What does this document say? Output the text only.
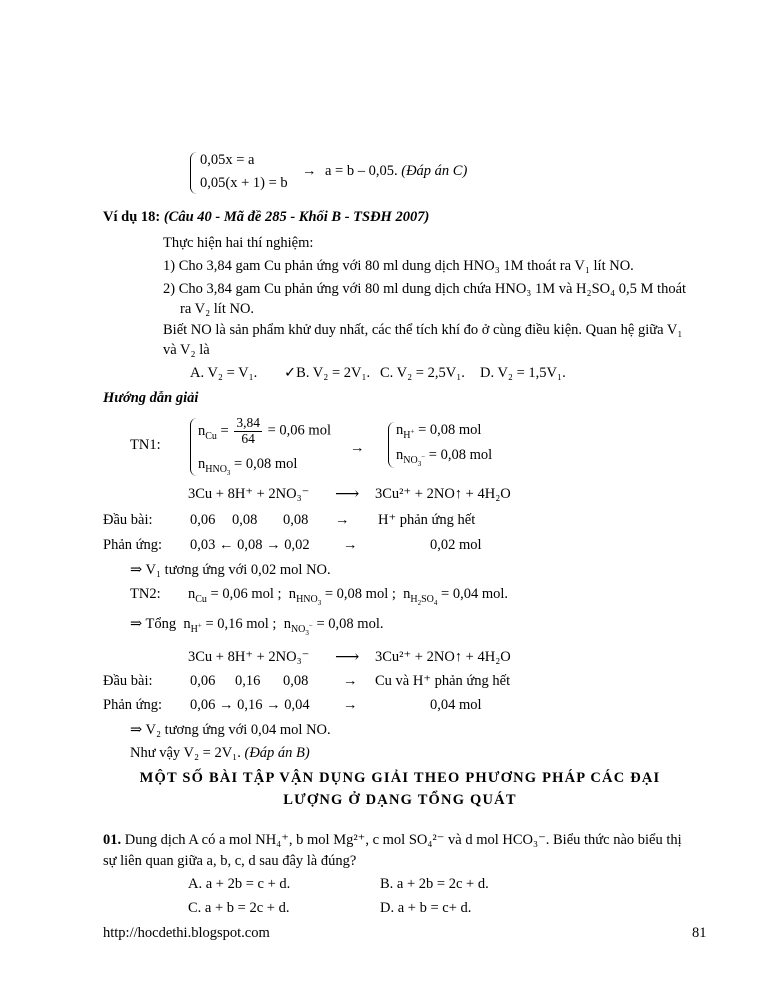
0,05x = a
0,05(x + 1) = b
→ a = b – 0,05. (Đáp án C)
Ví dụ 18: (Câu 40 - Mã đề 285 - Khối B - TSĐH 2007)
Thực hiện hai thí nghiệm:
1) Cho 3,84 gam Cu phản ứng với 80 ml dung dịch HNO₃ 1M thoát ra V₁ lít NO.
2) Cho 3,84 gam Cu phản ứng với 80 ml dung dịch chứa HNO₃ 1M và H₂SO₄ 0,5 M thoát
ra V₂ lít NO.
Biết NO là sản phẩm khử duy nhất, các thể tích khí đo ở cùng điều kiện. Quan hệ giữa V₁
và V₂ là
A. V₂ = V₁. ✓B. V₂ = 2V₁. C. V₂ = 2,5V₁. D. V₂ = 1,5V₁.
Hướng dẫn giải
TN1:
$n_{Cu} = \frac{3,84}{64} = 0,06$ mol
$n_{HNO_3} = 0,08$ mol
→
$n_{H^+} = 0,08$ mol
$n_{NO_3^-} = 0,08$ mol
3Cu + 8H⁺ + 2NO₃⁻ ⟶ 3Cu²⁺ + 2NO↑ + 4H₂O
Đầu bài:	0,06 0,08 0,08 → H⁺ phản ứng hết
Phản ứng: 0,03 ← 0,08 → 0,02 →	0,02 mol
⇒ V₁ tương ứng với 0,02 mol NO.
TN2: $n_{Cu} = 0,06$ mol ;  $n_{HNO_3} = 0,08$ mol ;  $n_{H_2SO_4} = 0,04$ mol.
⇒ Tổng  $n_{H^+} = 0,16$ mol ;  $n_{NO_3^-} = 0,08$ mol.
3Cu + 8H⁺ + 2NO₃⁻ ⟶ 3Cu²⁺ + 2NO↑ + 4H₂O
Đầu bài:	0,06 0,16 0,08 → Cu và H⁺ phản ứng hết
Phản ứng: 0,06 → 0,16 → 0,04 →	0,04 mol
⇒ V₂ tương ứng với 0,04 mol NO.
Như vậy V₂ = 2V₁. (Đáp án B)
MỘT SỐ BÀI TẬP VẬN DỤNG GIẢI THEO PHƯƠNG PHÁP CÁC ĐẠI
LƯỢNG Ở DẠNG TỔNG QUÁT
01. Dung dịch A có a mol NH₄⁺, b mol Mg²⁺, c mol SO₄²⁻ và d mol HCO₃⁻. Biểu thức nào biểu thị
sự liên quan giữa a, b, c, d sau đây là đúng?
A. a + 2b = c + d.	B. a + 2b = 2c + d.
C. a + b = 2c + d.	D. a + b = c+ d.
http://hocdethi.blogspot.com	81
